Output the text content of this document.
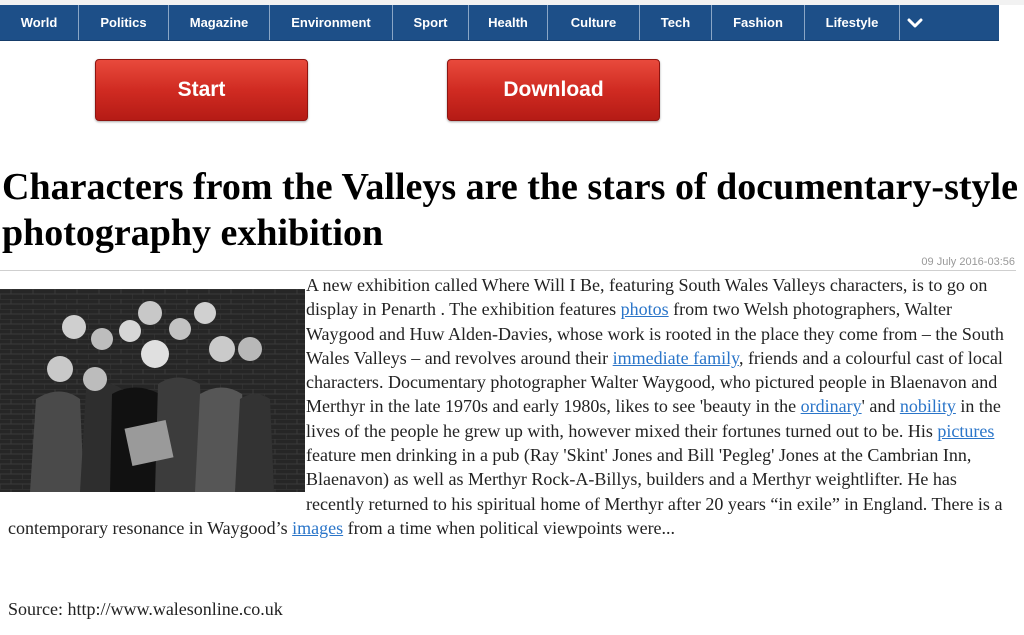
World	Politics	Magazine	Environment	Sport	Health	Culture	Tech	Fashion	Lifestyle
Start	Download
Characters from the Valleys are the stars of documentary-style photography exhibition
09 July 2016-03:56

A new exhibition called Where Will I Be, featuring South Wales Valleys characters, is to go on display in Penarth . The exhibition features photos from two Welsh photographers, Walter Waygood and Huw Alden-Davies, whose work is rooted in the place they come from – the South Wales Valleys – and revolves around their immediate family, friends and a colourful cast of local characters. Documentary photographer Walter Waygood, who pictured people in Blaenavon and Merthyr in the late 1970s and early 1980s, likes to see 'beauty in the ordinary' and nobility in the lives of the people he grew up with, however mixed their fortunes turned out to be. His pictures feature men drinking in a pub (Ray 'Skint' Jones and Bill 'Pegleg' Jones at the Cambrian Inn, Blaenavon) as well as Merthyr Rock-A-Billys, builders and a Merthyr weightlifter. He has recently returned to his spiritual home of Merthyr after 20 years “in exile” in England. There is a contemporary resonance in Waygood’s images from a time when political viewpoints were...

Source: http://www.walesonline.co.uk
